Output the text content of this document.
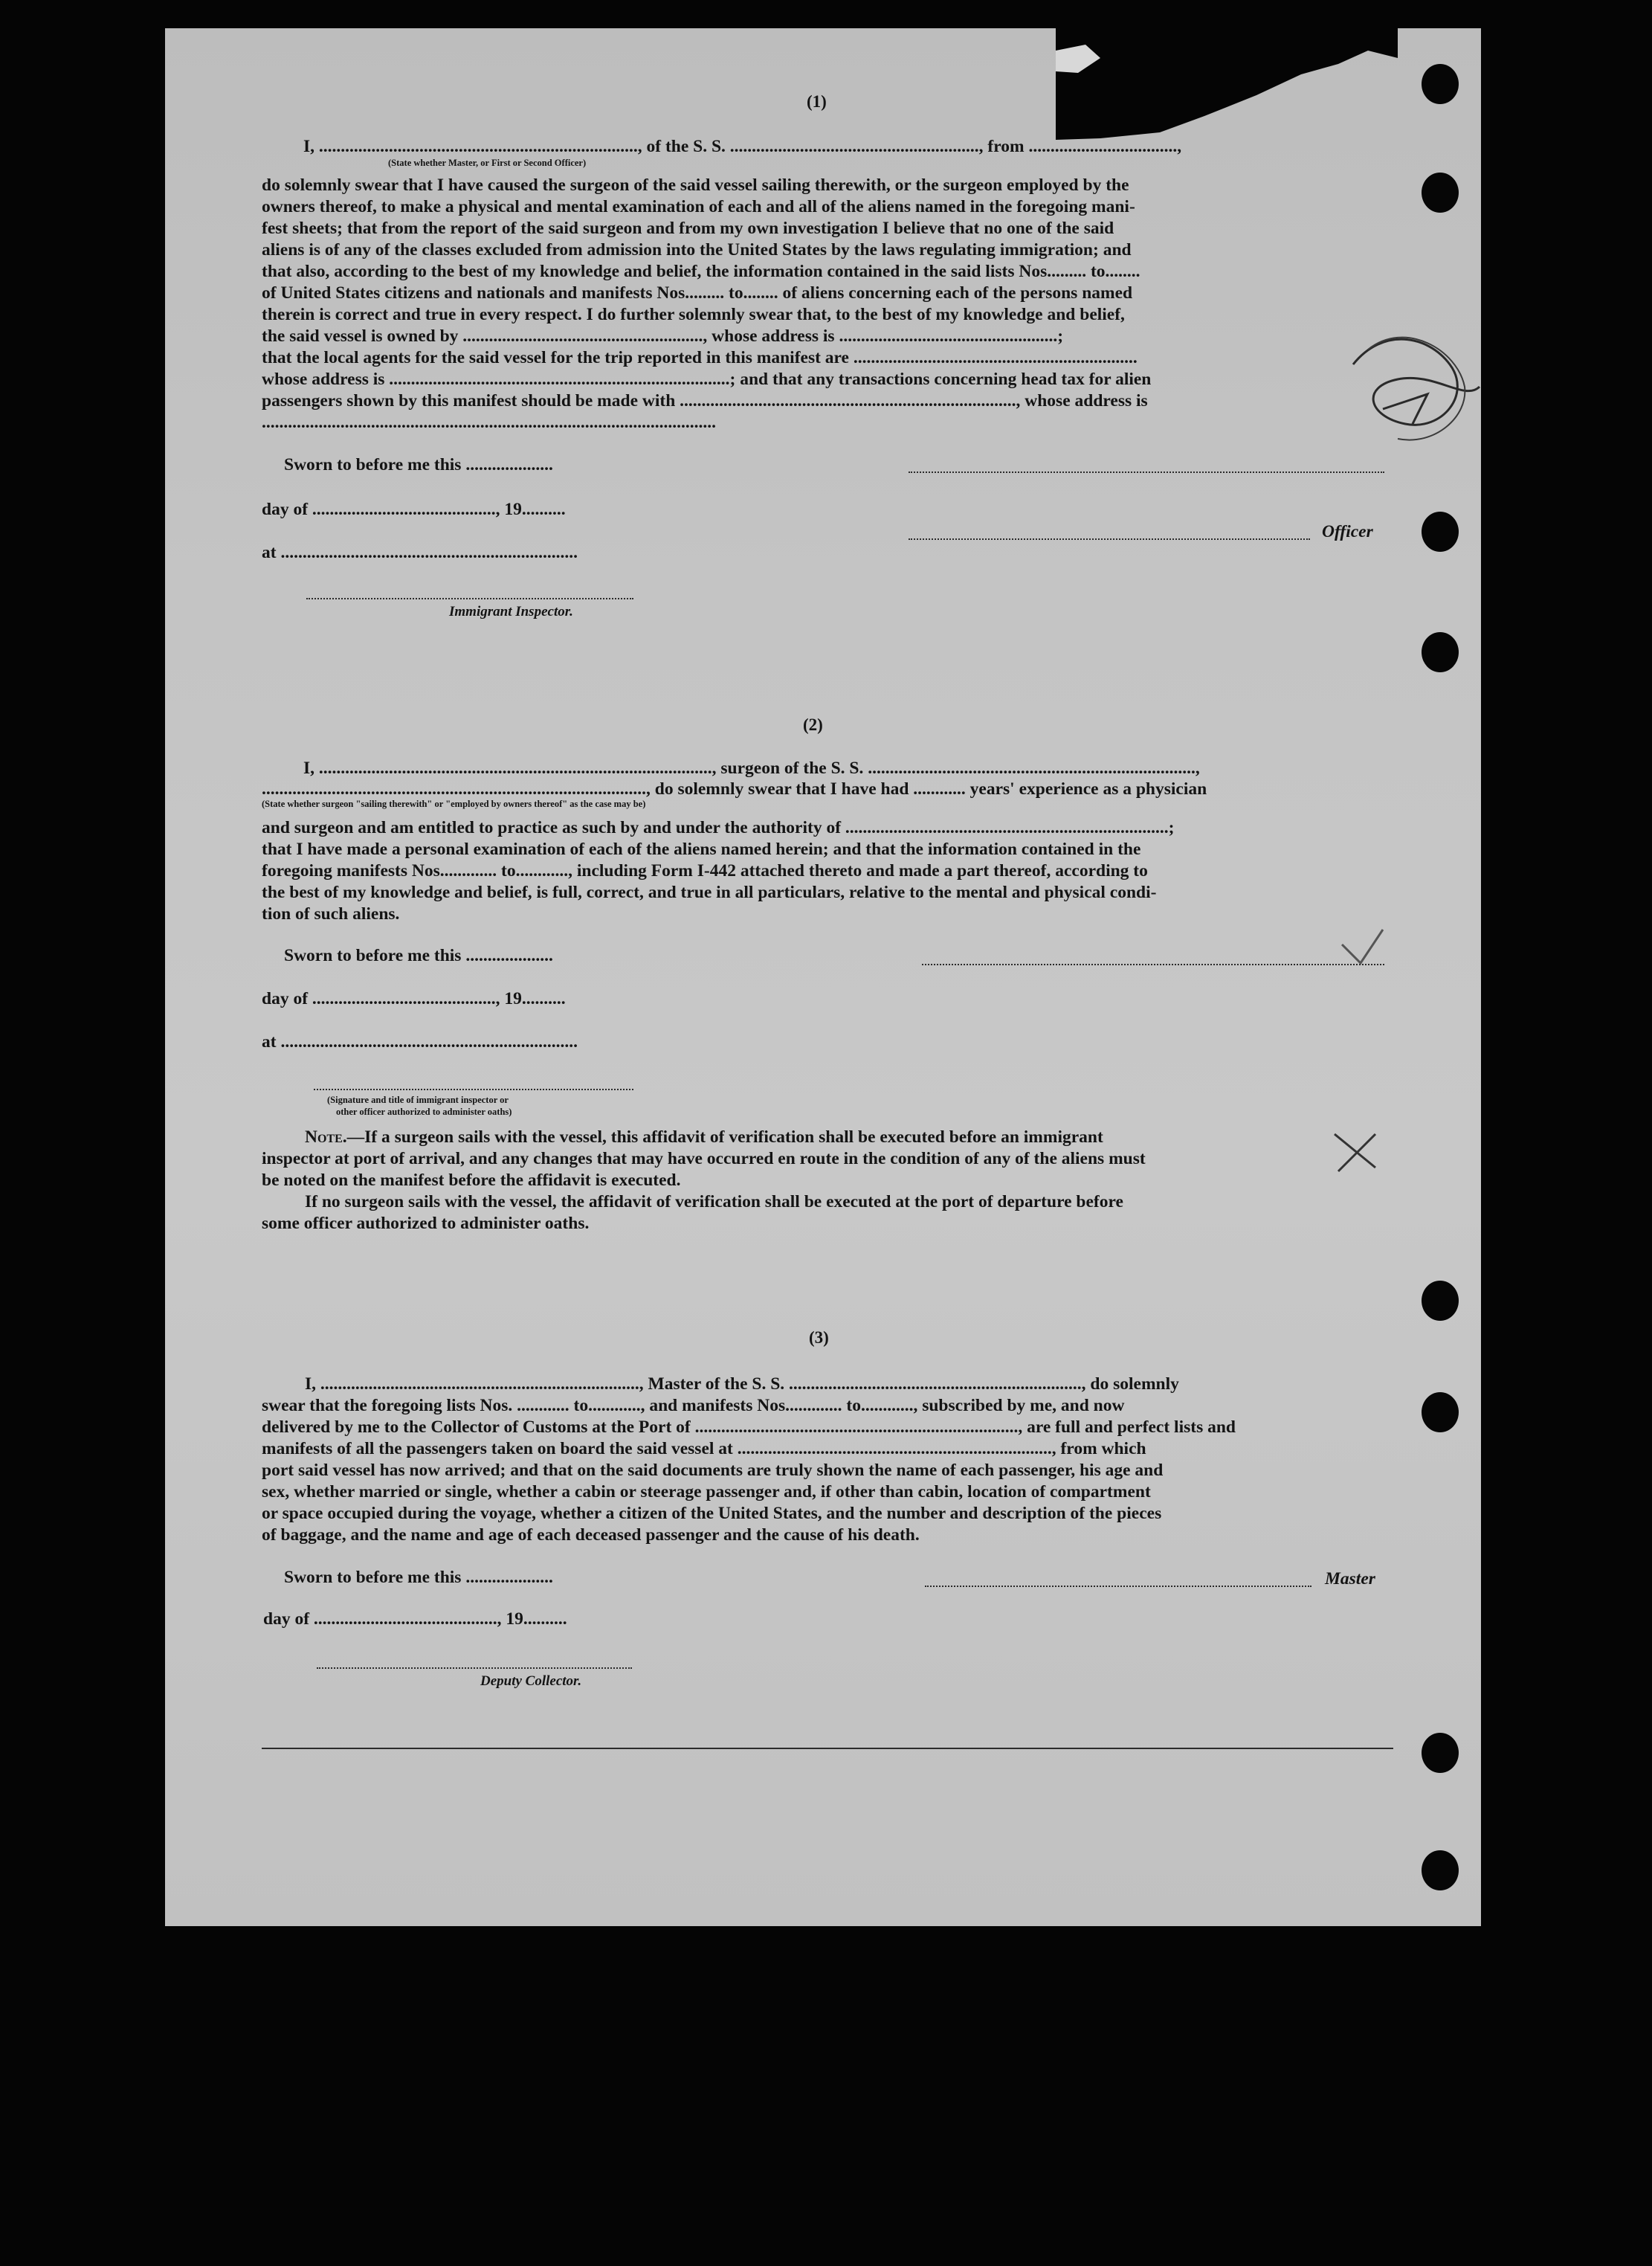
(1)
I, ........................................................................., of the S. S. ........................................................., from ..................................,
(State whether Master, or First or Second Officer)
do solemnly swear that I have caused the surgeon of the said vessel sailing therewith, or the surgeon employed by the
owners thereof, to make a physical and mental examination of each and all of the aliens named in the foregoing mani-
fest sheets; that from the report of the said surgeon and from my own investigation I believe that no one of the said
aliens is of any of the classes excluded from admission into the United States by the laws regulating immigration; and
that also, according to the best of my knowledge and belief, the information contained in the said lists Nos......... to........
of United States citizens and nationals and manifests Nos......... to........ of aliens concerning each of the persons named
therein is correct and true in every respect. I do further solemnly swear that, to the best of my knowledge and belief,
the said vessel is owned by ......................................................., whose address is ..................................................;
that the local agents for the said vessel for the trip reported in this manifest are .................................................................
whose address is ..............................................................................; and that any transactions concerning head tax for alien
passengers shown by this manifest should be made with ............................................................................., whose address is
........................................................................................................
Sworn to before me this ....................
day of .........................................., 19..........
Officer
at ....................................................................
Immigrant Inspector.
(2)
I, .........................................................................................., surgeon of the S. S. ...........................................................................,
........................................................................................, do solemnly swear that I have had ............ years' experience as a physician
(State whether surgeon "sailing therewith" or "employed by owners thereof" as the case may be)
and surgeon and am entitled to practice as such by and under the authority of ..........................................................................;
that I have made a personal examination of each of the aliens named herein; and that the information contained in the
foregoing manifests Nos............. to............, including Form I-442 attached thereto and made a part thereof, according to
the best of my knowledge and belief, is full, correct, and true in all particulars, relative to the mental and physical condi-
tion of such aliens.
Sworn to before me this ....................
day of .........................................., 19..........
at ....................................................................
(Signature and title of immigrant inspector or
other officer authorized to administer oaths)
Note.—If a surgeon sails with the vessel, this affidavit of verification shall be executed before an immigrant
inspector at port of arrival, and any changes that may have occurred en route in the condition of any of the aliens must
be noted on the manifest before the affidavit is executed.
If no surgeon sails with the vessel, the affidavit of verification shall be executed at the port of departure before
some officer authorized to administer oaths.
(3)
I, ........................................................................., Master of the S. S. ..................................................................., do solemnly
swear that the foregoing lists Nos. ............ to............, and manifests Nos............. to............, subscribed by me, and now
delivered by me to the Collector of Customs at the Port of .........................................................................., are full and perfect lists and
manifests of all the passengers taken on board the said vessel at ........................................................................, from which
port said vessel has now arrived; and that on the said documents are truly shown the name of each passenger, his age and
sex, whether married or single, whether a cabin or steerage passenger and, if other than cabin, location of compartment
or space occupied during the voyage, whether a citizen of the United States, and the number and description of the pieces
of baggage, and the name and age of each deceased passenger and the cause of his death.
Sworn to before me this ....................	Master
day of .........................................., 19..........
Deputy Collector.
